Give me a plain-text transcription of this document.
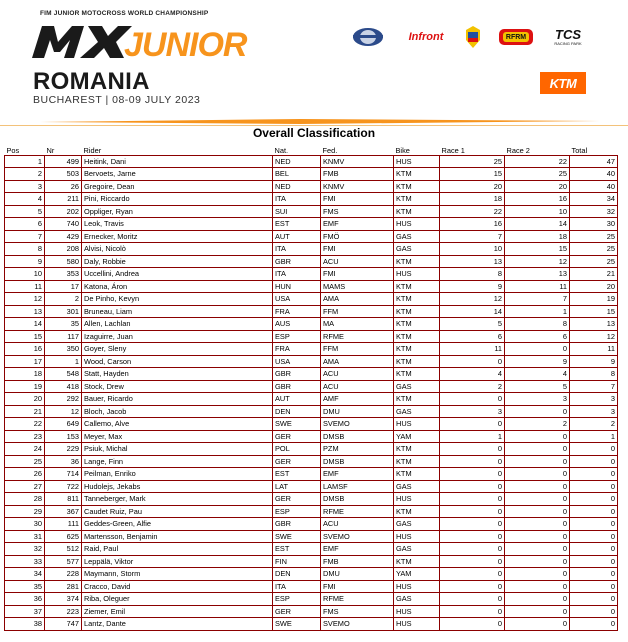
FIM JUNIOR MOTOCROSS WORLD CHAMPIONSHIP
JUNIOR	Infront	RFRM TCS
RACING PARK
ROMANIA
BUCHAREST | 08-09 JULY 2023
KTM
Overall Classification
Pos	Nr	Rider	Nat.	Fed.	Bike	Race 1	Race 2	Total
1	499	Heitink, Dani	NED	KNMV	HUS	25	22	47
2	503	Bervoets, Jarne	BEL	FMB	KTM	15	25	40
3	26	Gregoire, Dean	NED	KNMV	KTM	20	20	40
4	211	Pini, Riccardo	ITA	FMI	KTM	18	16	34
5	202	Oppliger, Ryan	SUI	FMS	KTM	22	10	32
6	740	Leok, Travis	EST	EMF	HUS	16	14	30
7	429	Ernecker, Moritz	AUT	FMÖ	GAS	7	18	25
8	208	Alvisi, Nicolò	ITA	FMI	GAS	10	15	25
9	580	Daly, Robbie	GBR	ACU	KTM	13	12	25
10	353	Uccellini, Andrea	ITA	FMI	HUS	8	13	21
11	17	Katona, Áron	HUN	MAMS	KTM	9	11	20
12	2	De Pinho, Kevyn	USA	AMA	KTM	12	7	19
13	301	Bruneau, Liam	FRA	FFM	KTM	14	1	15
14	35	Allen, Lachlan	AUS	MA	KTM	5	8	13
15	117	Izaguirre, Juan	ESP	RFME	KTM	6	6	12
16	350	Goyer, Sleny	FRA	FFM	KTM	11	0	11
17	1	Wood, Carson	USA	AMA	KTM	0	9	9
18	548	Statt, Hayden	GBR	ACU	KTM	4	4	8
19	418	Stock, Drew	GBR	ACU	GAS	2	5	7
20	292	Bauer, Ricardo	AUT	AMF	KTM	0	3	3
21	12	Bloch, Jacob	DEN	DMU	GAS	3	0	3
22	649	Callemo, Alve	SWE	SVEMO	HUS	0	2	2
23	153	Meyer, Max	GER	DMSB	YAM	1	0	1
24	229	Psiuk, Michal	POL	PZM	KTM	0	0	0
25	36	Lange, Finn	GER	DMSB	KTM	0	0	0
26	714	Peilman, Enriko	EST	EMF	KTM	0	0	0
27	722	Hudolejs, Jekabs	LAT	LAMSF	GAS	0	0	0
28	811	Tanneberger, Mark	GER	DMSB	HUS	0	0	0
29	367	Caudet Ruiz, Pau	ESP	RFME	KTM	0	0	0
30	111	Geddes-Green, Alfie	GBR	ACU	GAS	0	0	0
31	625	Martensson, Benjamin	SWE	SVEMO	HUS	0	0	0
32	512	Raid, Paul	EST	EMF	GAS	0	0	0
33	577	Leppälä, Viktor	FIN	FMB	KTM	0	0	0
34	228	Maymann, Storm	DEN	DMU	YAM	0	0	0
35	281	Cracco, David	ITA	FMI	HUS	0	0	0
36	374	Riba, Oleguer	ESP	RFME	GAS	0	0	0
37	223	Ziemer, Emil	GER	FMS	HUS	0	0	0
38	747	Lantz, Dante	SWE	SVEMO	HUS	0	0	0
